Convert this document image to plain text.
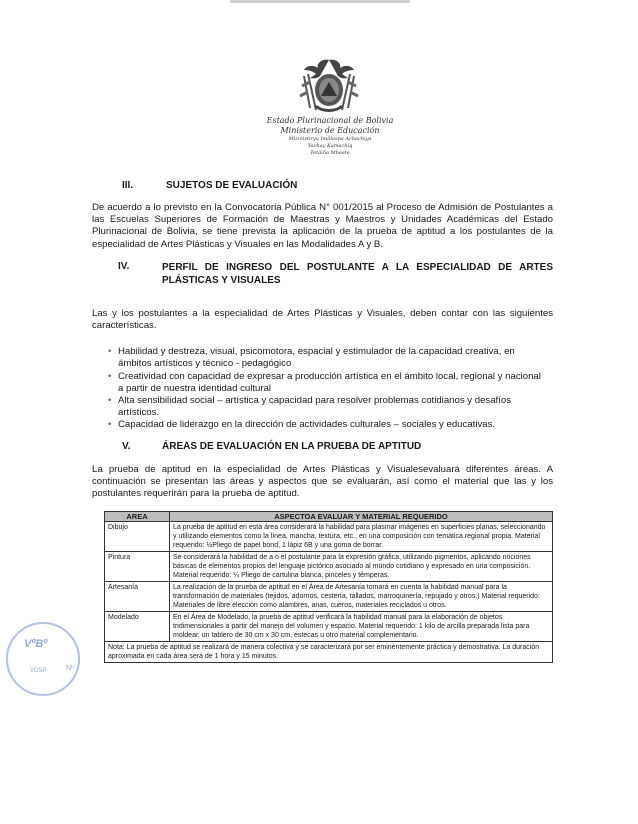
Estado Plurinacional de Bolivia
Ministerio de Educación
Mizinistiryu Imillaspa Achachiya
Yachay Kamachiq
Tetãiña Mbaete
III.	SUJETOS DE EVALUACIÓN
De acuerdo a lo previsto en la Convocatoria Pública N° 001/2015 al Proceso de Admisión de Postulantes a las Escuelas Superiores de Formación de Maestras y Maestros y Unidades Académicas del Estado Plurinacional de Bolivia, se tiene prevista la aplicación de la prueba de aptitud a los postulantes de la especialidad de Artes Plásticas y Visuales en las Modalidades A y B.
IV.	PERFIL DE INGRESO DEL POSTULANTE A LA ESPECIALIDAD DE ARTES PLÁSTICAS Y VISUALES
Las y los postulantes a la especialidad de Artes Plásticas y Visuales, deben contar con las siguientes características.
• Habilidad y destreza, visual, psicomotora, espacial y estimulador de la capacidad creativa, en ámbitos artísticos y técnico - pedagógico
• Creatividad con capacidad de expresar a producción artística en el ámbito local, regional y nacional a partir de nuestra identidad cultural
• Alta sensibilidad social – artística y capacidad para resolver problemas cotidianos y desafíos artísticos.
• Capacidad de liderazgo en la dirección de actividades culturales – sociales y educativas.
V.	ÁREAS DE EVALUACIÓN EN LA PRUEBA DE APTITUD
La prueba de aptitud en la especialidad de Artes Plásticas y Visualesevaluará diferentes áreas. A continuación se presentan las áreas y aspectos que se evaluarán, así como el material que las y los postulantes requerirán para la prueba de aptitud.
AREA	ASPECTOA EVALUAR Y MATERIAL REQUERIDO
Dibujo	La prueba de aptitud en esta área considerará la habilidad para plasmar imágenes en superficies planas, seleccionando y utilizando elementos como la línea, mancha, textura, etc., en una composición con temática regional propia. Material requerido: ½Pliego de papel bond, 1 lápiz 6B y una goma de borrar.
Pintura	Se considerará la habilidad de a o el postulante para la expresión gráfica, utilizando pigmentos, aplicando nociones básicas de elementos propios del lenguaje pictórico asociado al mundo cotidiano y expresado en una composición. Material requerido: ¼ Pliego de cartulina blanca, pinceles y témperas.
Artesanía	La realización de la prueba de aptitud en el Área de Artesanía tomará en cuenta la habilidad manual para la transformación de materiales (tejidos, adornos, cestería, tallados, marroquinería, repujado y otros.) Material requerido: Materiales de libre elección como alambres, anas, cueros, materiales reciclados u otros.
Modelado	En el Área de Modelado, la prueba de aptitud verificará la habilidad manual para la elaboración de objetos tridimensionales a partir del manejo del volumen y espacio. Material requerido: 1 kilo de arcilla preparada lista para moldear, un tablero de 30 cm x 30 cm, estecas u otro material complementario.
Nota: La prueba de aptitud se realizará de manera colectiva y se caracterizará por ser eminentemente práctica y demostrativa. La duración aproximada en cada área será de 1 hora y 15 minutos.	
VºBº
VDSP	Nº
